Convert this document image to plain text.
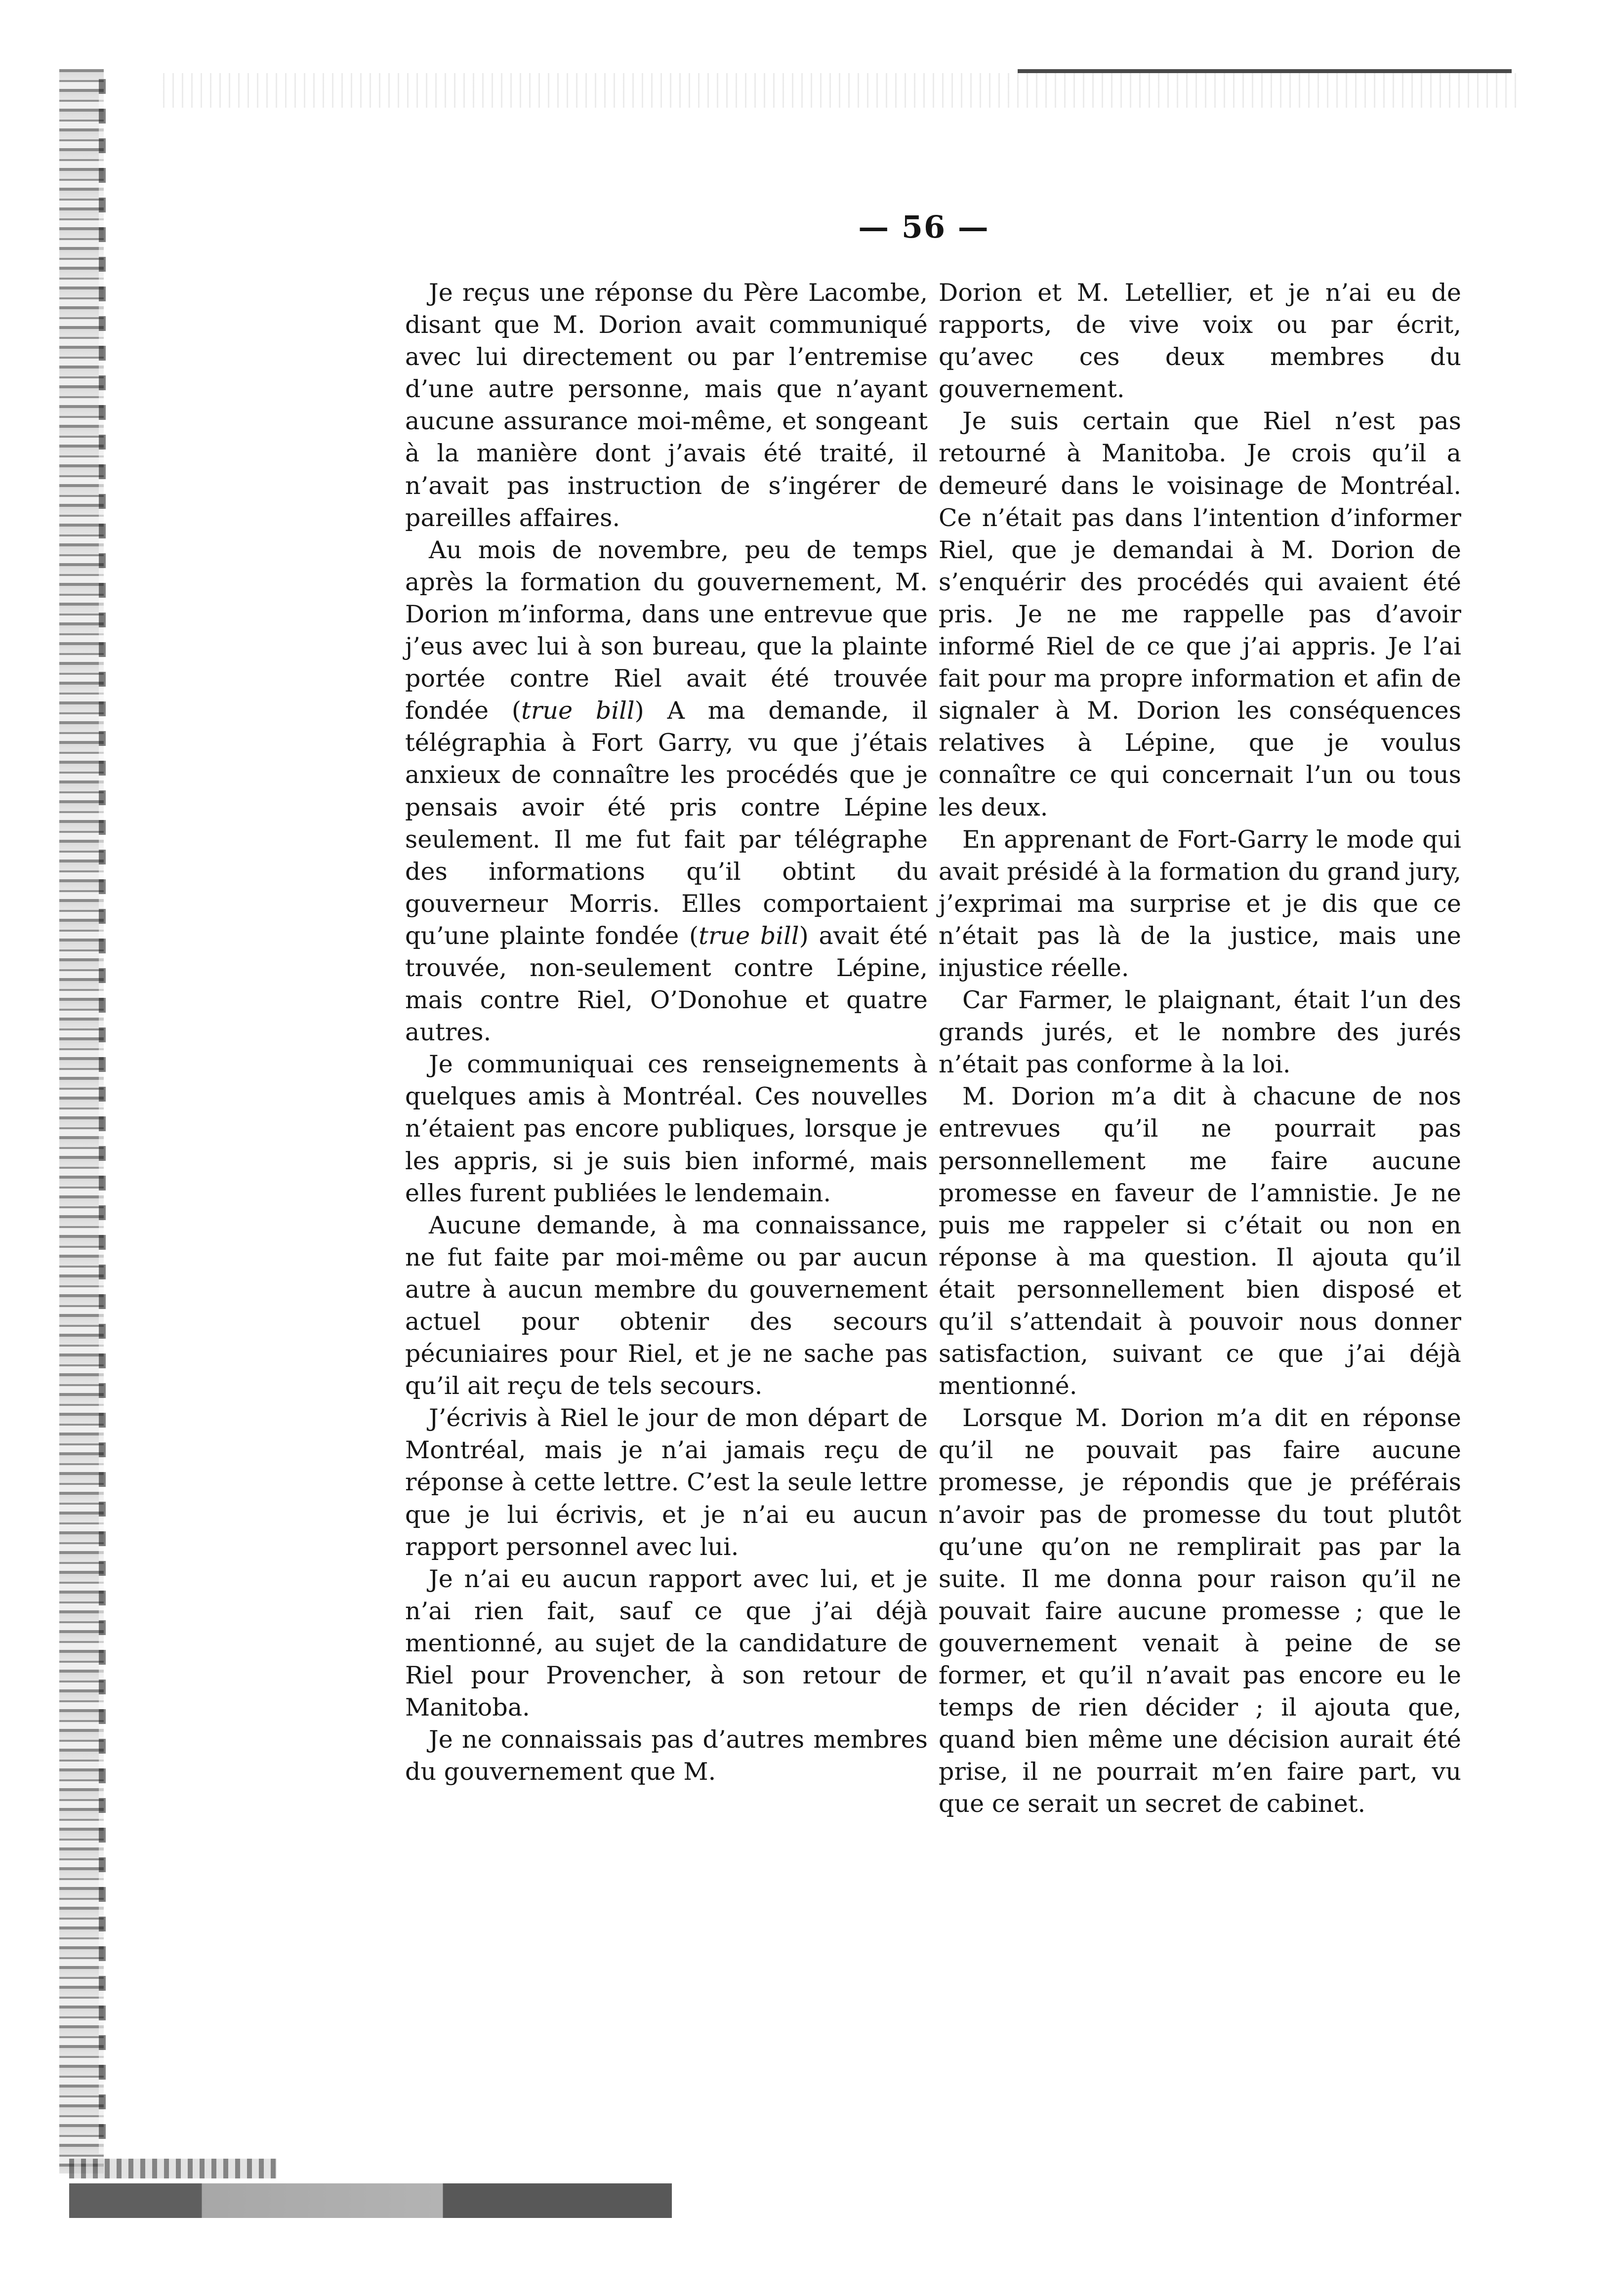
— 56 —

Je reçus une réponse du Père Lacombe, disant que M. Dorion avait communiqué avec lui directement ou par l’entremise d’une autre personne, mais que n’ayant aucune assurance moi-même, et songeant à la manière dont j’avais été traité, il n’avait pas instruction de s’ingérer de pareilles affaires.

Au mois de novembre, peu de temps après la formation du gouvernement, M. Dorion m’informa, dans une entrevue que j’eus avec lui à son bureau, que la plainte portée contre Riel avait été trouvée fondée (true bill) A ma demande, il télégraphia à Fort Garry, vu que j’étais anxieux de connaître les procédés que je pensais avoir été pris contre Lépine seulement. Il me fut fait par télégraphe des informations qu’il obtint du gouverneur Morris. Elles comportaient qu’une plainte fondée (true bill) avait été trouvée, non-seulement contre Lépine, mais contre Riel, O’Donohue et quatre autres.

Je communiquai ces renseignements à quelques amis à Montréal. Ces nouvelles n’étaient pas encore publiques, lorsque je les appris, si je suis bien informé, mais elles furent publiées le lendemain.

Aucune demande, à ma connaissance, ne fut faite par moi-même ou par aucun autre à aucun membre du gouvernement actuel pour obtenir des secours pécuniaires pour Riel, et je ne sache pas qu’il ait reçu de tels secours.

J’écrivis à Riel le jour de mon départ de Montréal, mais je n’ai jamais reçu de réponse à cette lettre. C’est la seule lettre que je lui écrivis, et je n’ai eu aucun rapport personnel avec lui.

Je n’ai eu aucun rapport avec lui, et je n’ai rien fait, sauf ce que j’ai déjà mentionné, au sujet de la candidature de Riel pour Provencher, à son retour de Manitoba.

Je ne connaissais pas d’autres membres du gouvernement que M.

Dorion et M. Letellier, et je n’ai eu de rapports, de vive voix ou par écrit, qu’avec ces deux membres du gouvernement.

Je suis certain que Riel n’est pas retourné à Manitoba. Je crois qu’il a demeuré dans le voisinage de Montréal. Ce n’était pas dans l’intention d’informer Riel, que je demandai à M. Dorion de s’enquérir des procédés qui avaient été pris. Je ne me rappelle pas d’avoir informé Riel de ce que j’ai appris. Je l’ai fait pour ma propre information et afin de signaler à M. Dorion les conséquences relatives à Lépine, que je voulus connaître ce qui concernait l’un ou tous les deux.

En apprenant de Fort-Garry le mode qui avait présidé à la formation du grand jury, j’exprimai ma surprise et je dis que ce n’était pas là de la justice, mais une injustice réelle.

Car Farmer, le plaignant, était l’un des grands jurés, et le nombre des jurés n’était pas conforme à la loi.

M. Dorion m’a dit à chacune de nos entrevues qu’il ne pourrait pas personnellement me faire aucune promesse en faveur de l’amnistie. Je ne puis me rappeler si c’était ou non en réponse à ma question. Il ajouta qu’il était personnellement bien disposé et qu’il s’attendait à pouvoir nous donner satisfaction, suivant ce que j’ai déjà mentionné.

Lorsque M. Dorion m’a dit en réponse qu’il ne pouvait pas faire aucune promesse, je répondis que je préférais n’avoir pas de promesse du tout plutôt qu’une qu’on ne remplirait pas par la suite. Il me donna pour raison qu’il ne pouvait faire aucune promesse ; que le gouvernement venait à peine de se former, et qu’il n’avait pas encore eu le temps de rien décider ; il ajouta que, quand bien même une décision aurait été prise, il ne pourrait m’en faire part, vu que ce serait un secret de cabinet.
